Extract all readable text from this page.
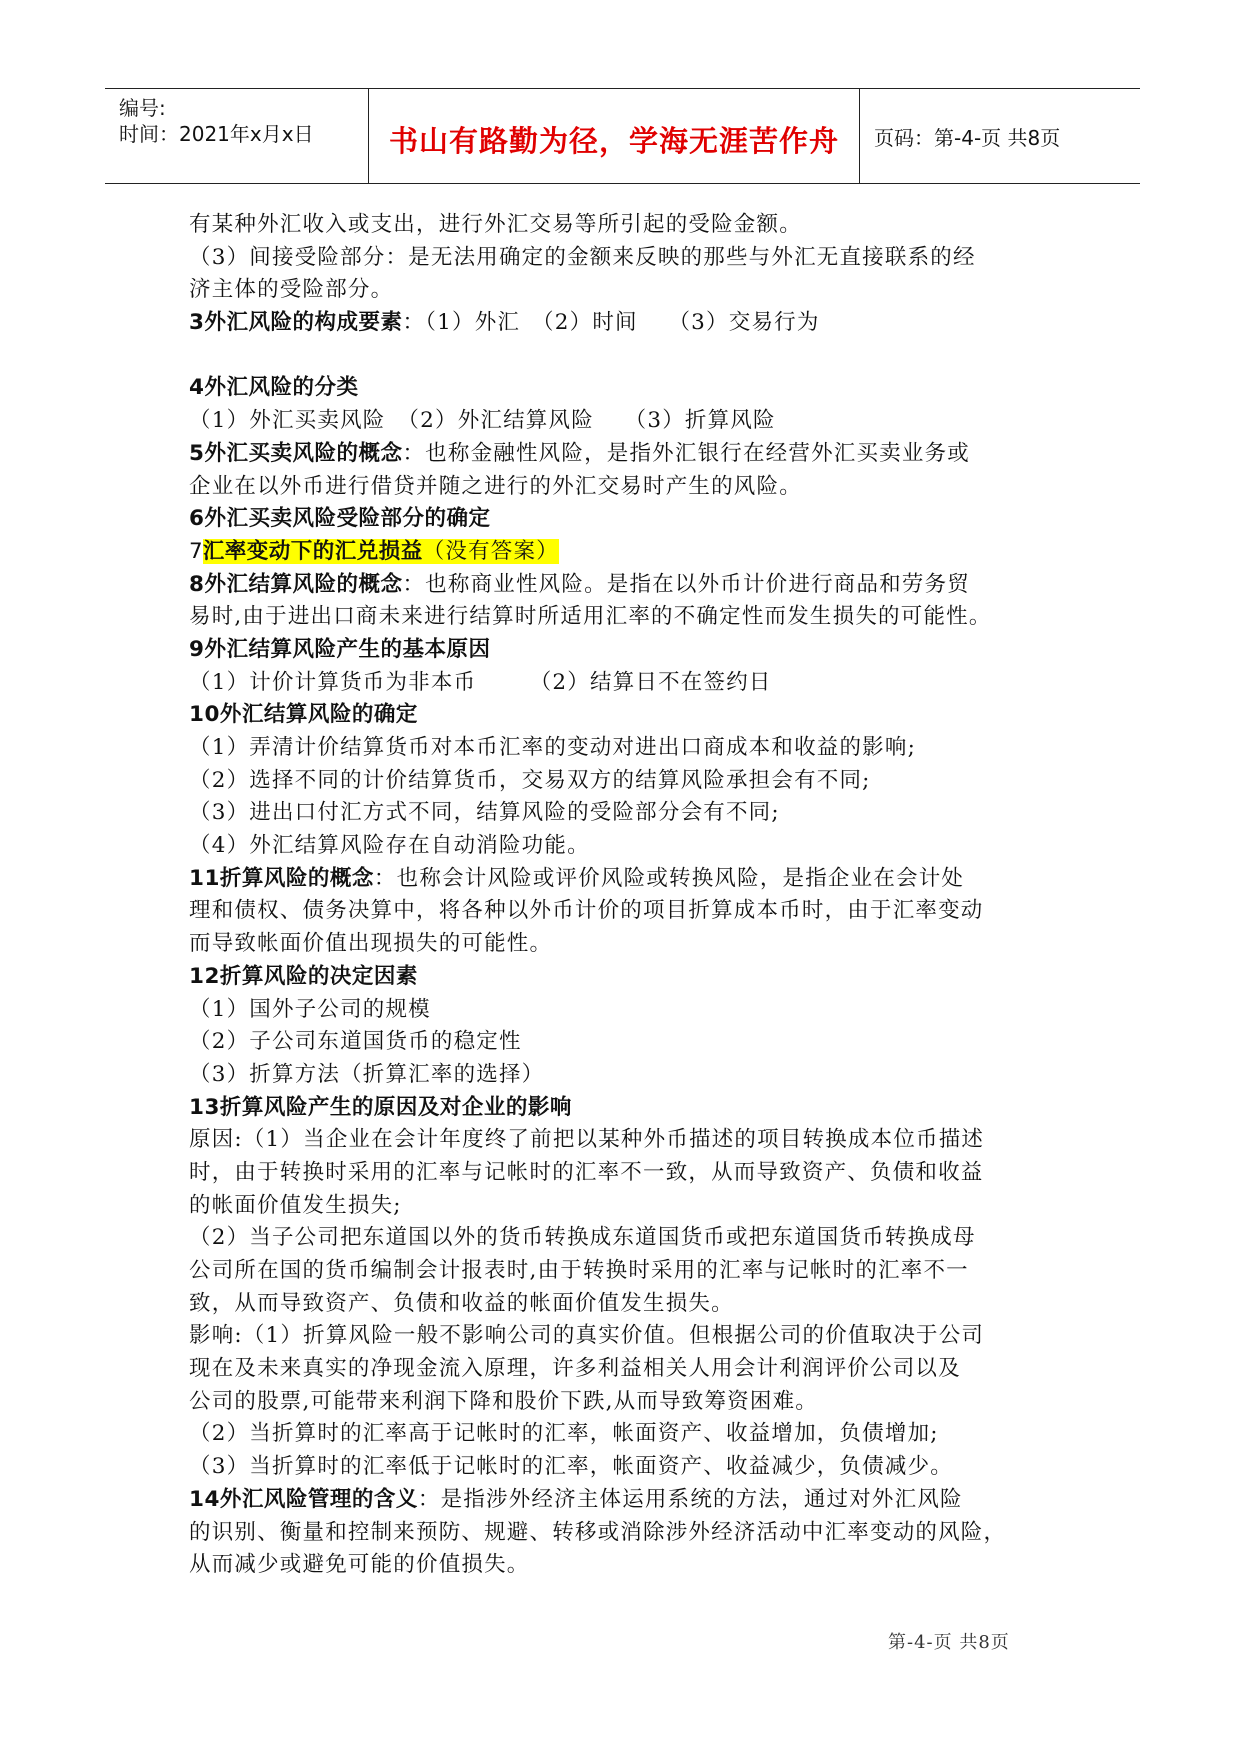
编号:
时间：2021年x月x日	书山有路勤为径，学海无涯苦作舟	页码：第-4-页 共8页
有某种外汇收入或支出，进行外汇交易等所引起的受险金额。
（3）间接受险部分：是无法用确定的金额来反映的那些与外汇无直接联系的经
济主体的受险部分。
3外汇风险的构成要素：（1）外汇　（2）时间　 （3）交易行为
4外汇风险的分类
（1）外汇买卖风险　（2）外汇结算风险　 （3）折算风险
5外汇买卖风险的概念：也称金融性风险，是指外汇银行在经营外汇买卖业务或
企业在以外币进行借贷并随之进行的外汇交易时产生的风险。
6外汇买卖风险受险部分的确定
7汇率变动下的汇兑损益（没有答案）
8外汇结算风险的概念：也称商业性风险。是指在以外币计价进行商品和劳务贸
易时,由于进出口商未来进行结算时所适用汇率的不确定性而发生损失的可能性。
9外汇结算风险产生的基本原因
（1）计价计算货币为非本币　　 （2）结算日不在签约日
10外汇结算风险的确定
（1）弄清计价结算货币对本币汇率的变动对进出口商成本和收益的影响;
（2）选择不同的计价结算货币，交易双方的结算风险承担会有不同;
（3）进出口付汇方式不同，结算风险的受险部分会有不同;
（4）外汇结算风险存在自动消险功能。
11折算风险的概念：也称会计风险或评价风险或转换风险，是指企业在会计处
理和债权、债务决算中，将各种以外币计价的项目折算成本币时，由于汇率变动
而导致帐面价值出现损失的可能性。
12折算风险的决定因素
（1）国外子公司的规模
（2）子公司东道国货币的稳定性
（3）折算方法（折算汇率的选择）
13折算风险产生的原因及对企业的影响
原因:（1）当企业在会计年度终了前把以某种外币描述的项目转换成本位币描述
时，由于转换时采用的汇率与记帐时的汇率不一致，从而导致资产、负债和收益
的帐面价值发生损失;
（2）当子公司把东道国以外的货币转换成东道国货币或把东道国货币转换成母
公司所在国的货币编制会计报表时,由于转换时采用的汇率与记帐时的汇率不一
致，从而导致资产、负债和收益的帐面价值发生损失。
影响:（1）折算风险一般不影响公司的真实价值。但根据公司的价值取决于公司
现在及未来真实的净现金流入原理，许多利益相关人用会计利润评价公司以及
公司的股票,可能带来利润下降和股价下跌,从而导致筹资困难。
（2）当折算时的汇率高于记帐时的汇率，帐面资产、收益增加，负债增加;
（3）当折算时的汇率低于记帐时的汇率，帐面资产、收益减少，负债减少。
14外汇风险管理的含义：是指涉外经济主体运用系统的方法，通过对外汇风险
的识别、衡量和控制来预防、规避、转移或消除涉外经济活动中汇率变动的风险，
从而减少或避免可能的价值损失。
第-4-页 共8页
